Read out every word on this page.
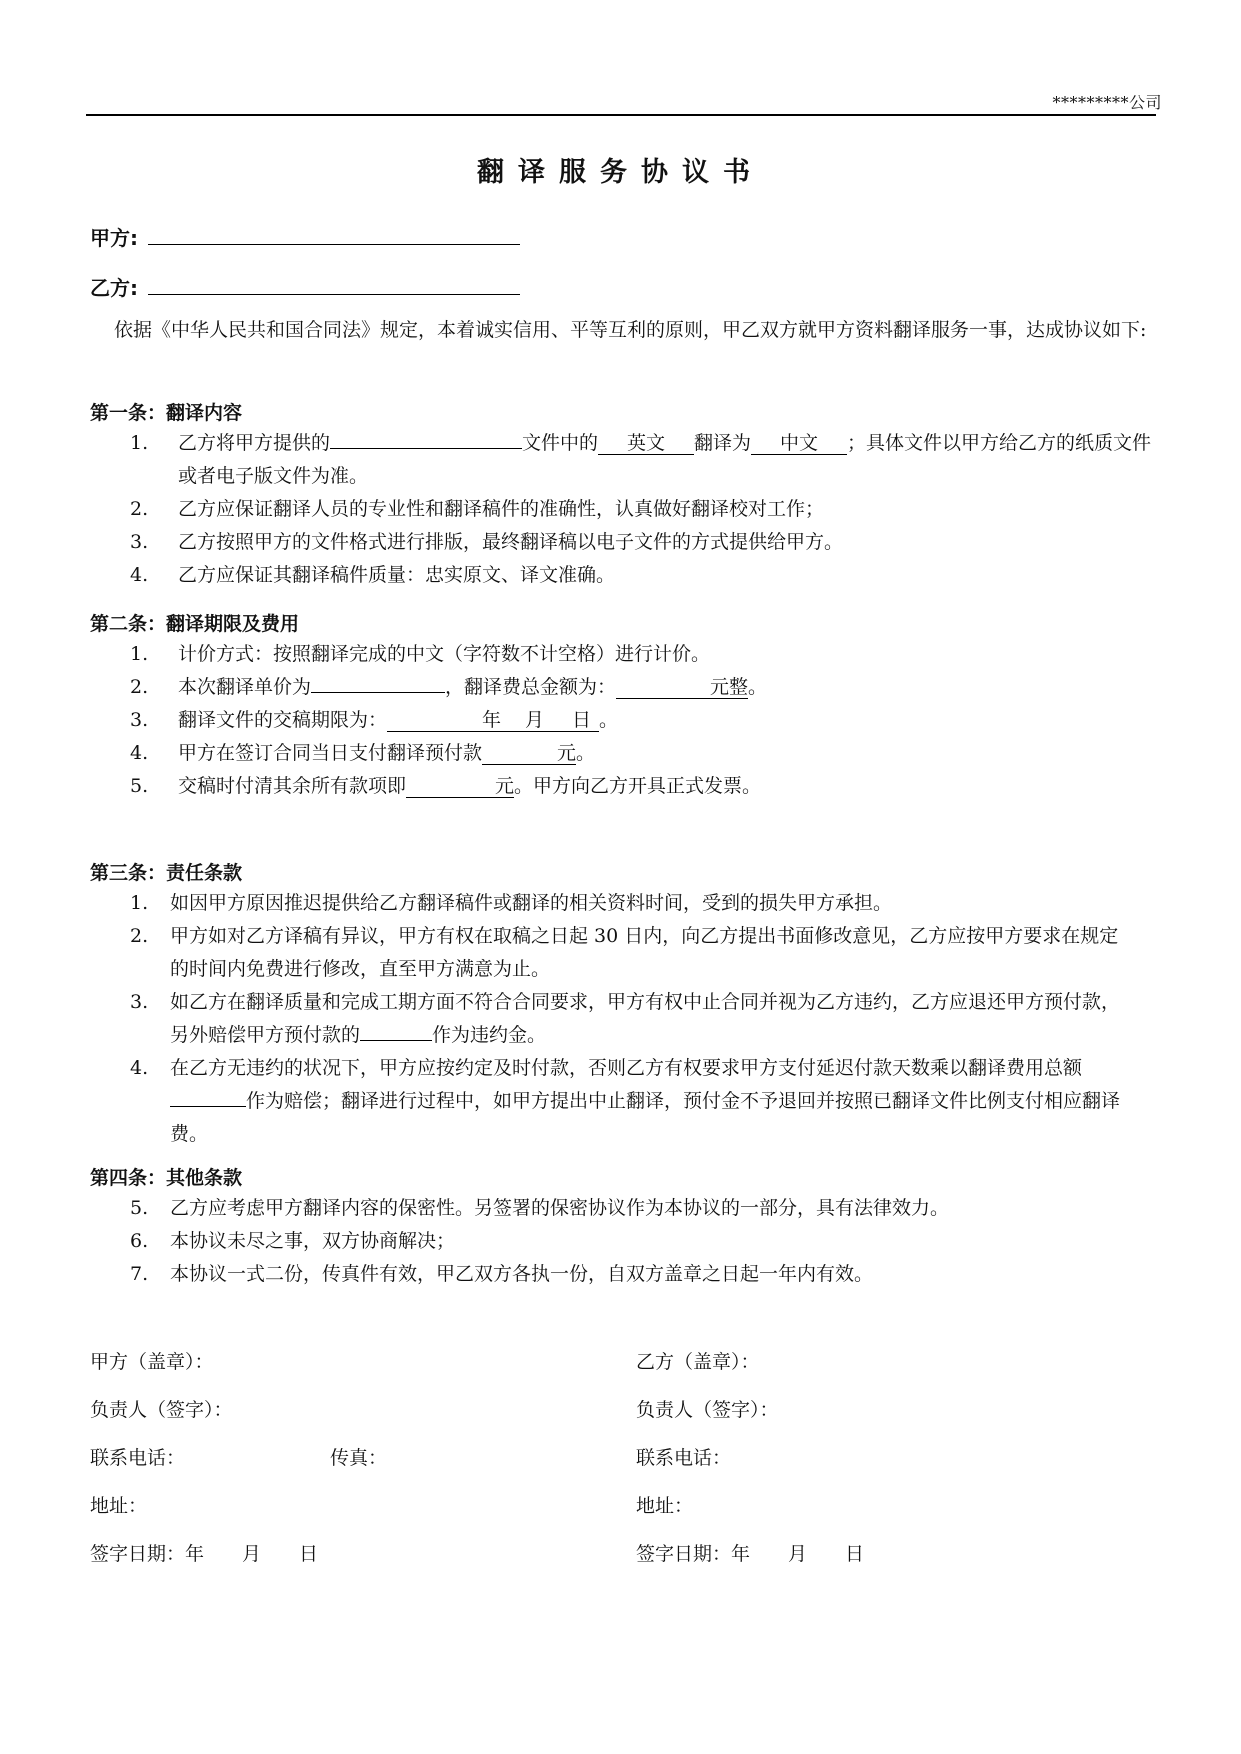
*********公司
翻译服务协议书
甲方:
乙方:
依据《中华人民共和国合同法》规定，本着诚实信用、平等互利的原则，甲乙双方就甲方资料翻译服务一事，达成协议如下:
第一条：翻译内容
1.	乙方将甲方提供的	文件中的 英文 翻译为 中文 ；具体文件以甲方给乙方的纸质文件或者电子版文件为准。
2.	乙方应保证翻译人员的专业性和翻译稿件的准确性，认真做好翻译校对工作；
3.	乙方按照甲方的文件格式进行排版，最终翻译稿以电子文件的方式提供给甲方。
4.	乙方应保证其翻译稿件质量：忠实原文、译文准确。
第二条：翻译期限及费用
1.	计价方式：按照翻译完成的中文（字符数不计空格）进行计价。
2.	本次翻译单价为	，翻译费总金额为：	元整。
3.	翻译文件的交稿期限为：	年 月 日 。
4.	甲方在签订合同当日支付翻译预付款	元。
5.	交稿时付清其余所有款项即	元。甲方向乙方开具正式发票。
第三条：责任条款
1.	如因甲方原因推迟提供给乙方翻译稿件或翻译的相关资料时间，受到的损失甲方承担。
2.	甲方如对乙方译稿有异议，甲方有权在取稿之日起 30 日内，向乙方提出书面修改意见，乙方应按甲方要求在规定的时间内免费进行修改，直至甲方满意为止。
3.	如乙方在翻译质量和完成工期方面不符合合同要求，甲方有权中止合同并视为乙方违约，乙方应退还甲方预付款，另外赔偿甲方预付款的	作为违约金。
4.	在乙方无违约的状况下，甲方应按约定及时付款，否则乙方有权要求甲方支付延迟付款天数乘以翻译费用总额作为赔偿；翻译进行过程中，如甲方提出中止翻译，预付金不予退回并按照已翻译文件比例支付相应翻译费。
第四条：其他条款
5.	乙方应考虑甲方翻译内容的保密性。另签署的保密协议作为本协议的一部分，具有法律效力。
6.	本协议未尽之事，双方协商解决；
7.	本协议一式二份，传真件有效，甲乙双方各执一份，自双方盖章之日起一年内有效。
甲方（盖章）：
负责人（签字）：
联系电话：	传真：
地址：
签字日期：年　　月　　日
乙方（盖章）：
负责人（签字）：
联系电话：
地址：
签字日期：年　　月　　日
